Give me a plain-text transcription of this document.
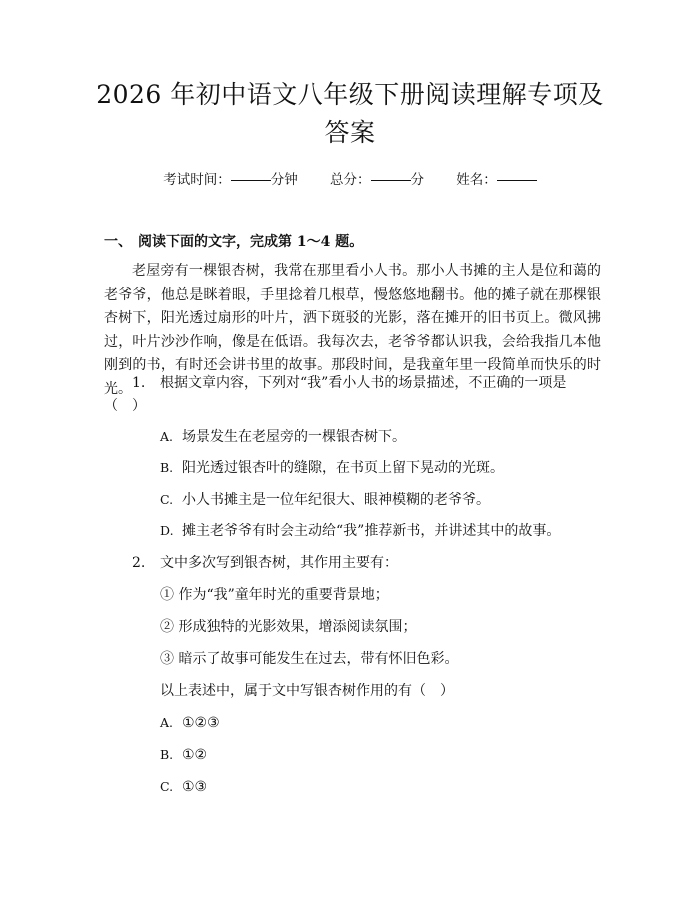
2026 年初中语文八年级下册阅读理解专项及
答案
考试时间：	分钟 总分：	分 姓名：
一、 阅读下面的文字，完成第 1～4 题。

老屋旁有一棵银杏树，我常在那里看小人书。那小人书摊的主人是位和蔼的老爷爷，他总是眯着眼，手里捻着几根草，慢悠悠地翻书。他的摊子就在那棵银杏树下，阳光透过扇形的叶片，洒下斑驳的光影，落在摊开的旧书页上。微风拂过，叶片沙沙作响，像是在低语。我每次去，老爷爷都认识我，会给我指几本他刚到的书，有时还会讲书里的故事。那段时间，是我童年里一段简单而快乐的时光。 1. 根据文章内容，下列对“我”看小人书的场景描述，不正确的一项是（　）

A. 场景发生在老屋旁的一棵银杏树下。
B. 阳光透过银杏叶的缝隙，在书页上留下晃动的光斑。
C. 小人书摊主是一位年纪很大、眼神模糊的老爷爷。
D. 摊主老爷爷有时会主动给“我”推荐新书，并讲述其中的故事。

2. 文中多次写到银杏树，其作用主要有：

① 作为“我”童年时光的重要背景地；
② 形成独特的光影效果，增添阅读氛围；
③ 暗示了故事可能发生在过去，带有怀旧色彩。
以上表述中，属于文中写银杏树作用的有（　）
A. ①②③
B. ①②
C. ①③
